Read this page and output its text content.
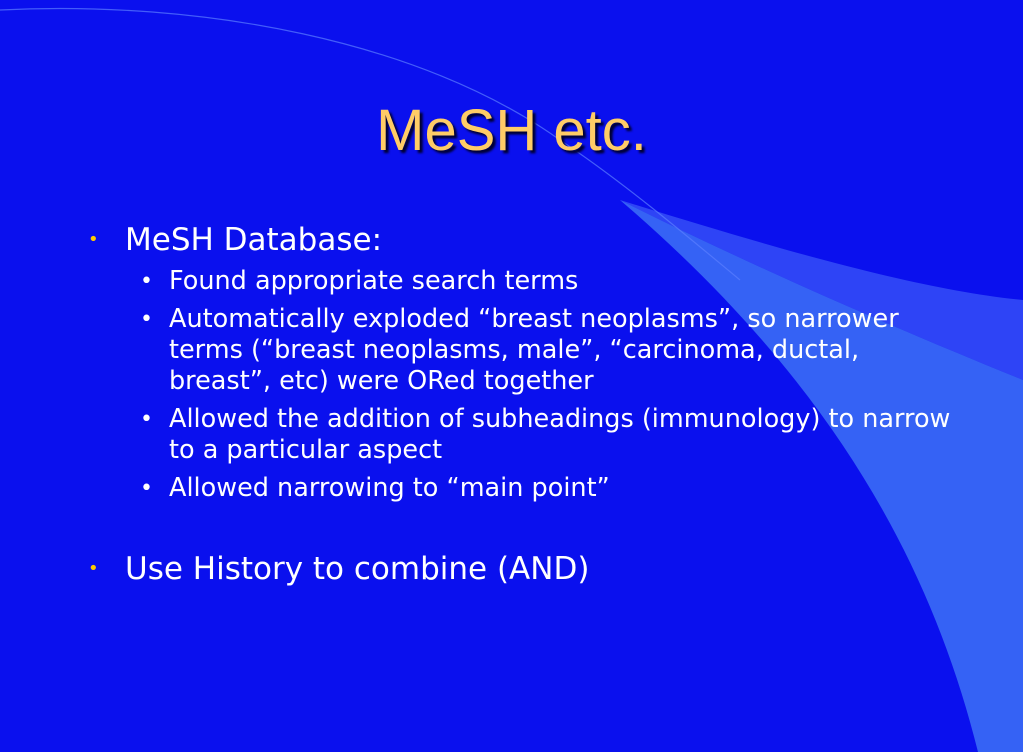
MeSH etc.
• MeSH Database:
• Found appropriate search terms
• Automatically exploded “breast neoplasms”, so narrower terms (“breast neoplasms, male”, “carcinoma, ductal, breast”, etc) were ORed together
• Allowed the addition of subheadings (immunology) to narrow to a particular aspect
• Allowed narrowing to “main point”
• Use History to combine (AND)
